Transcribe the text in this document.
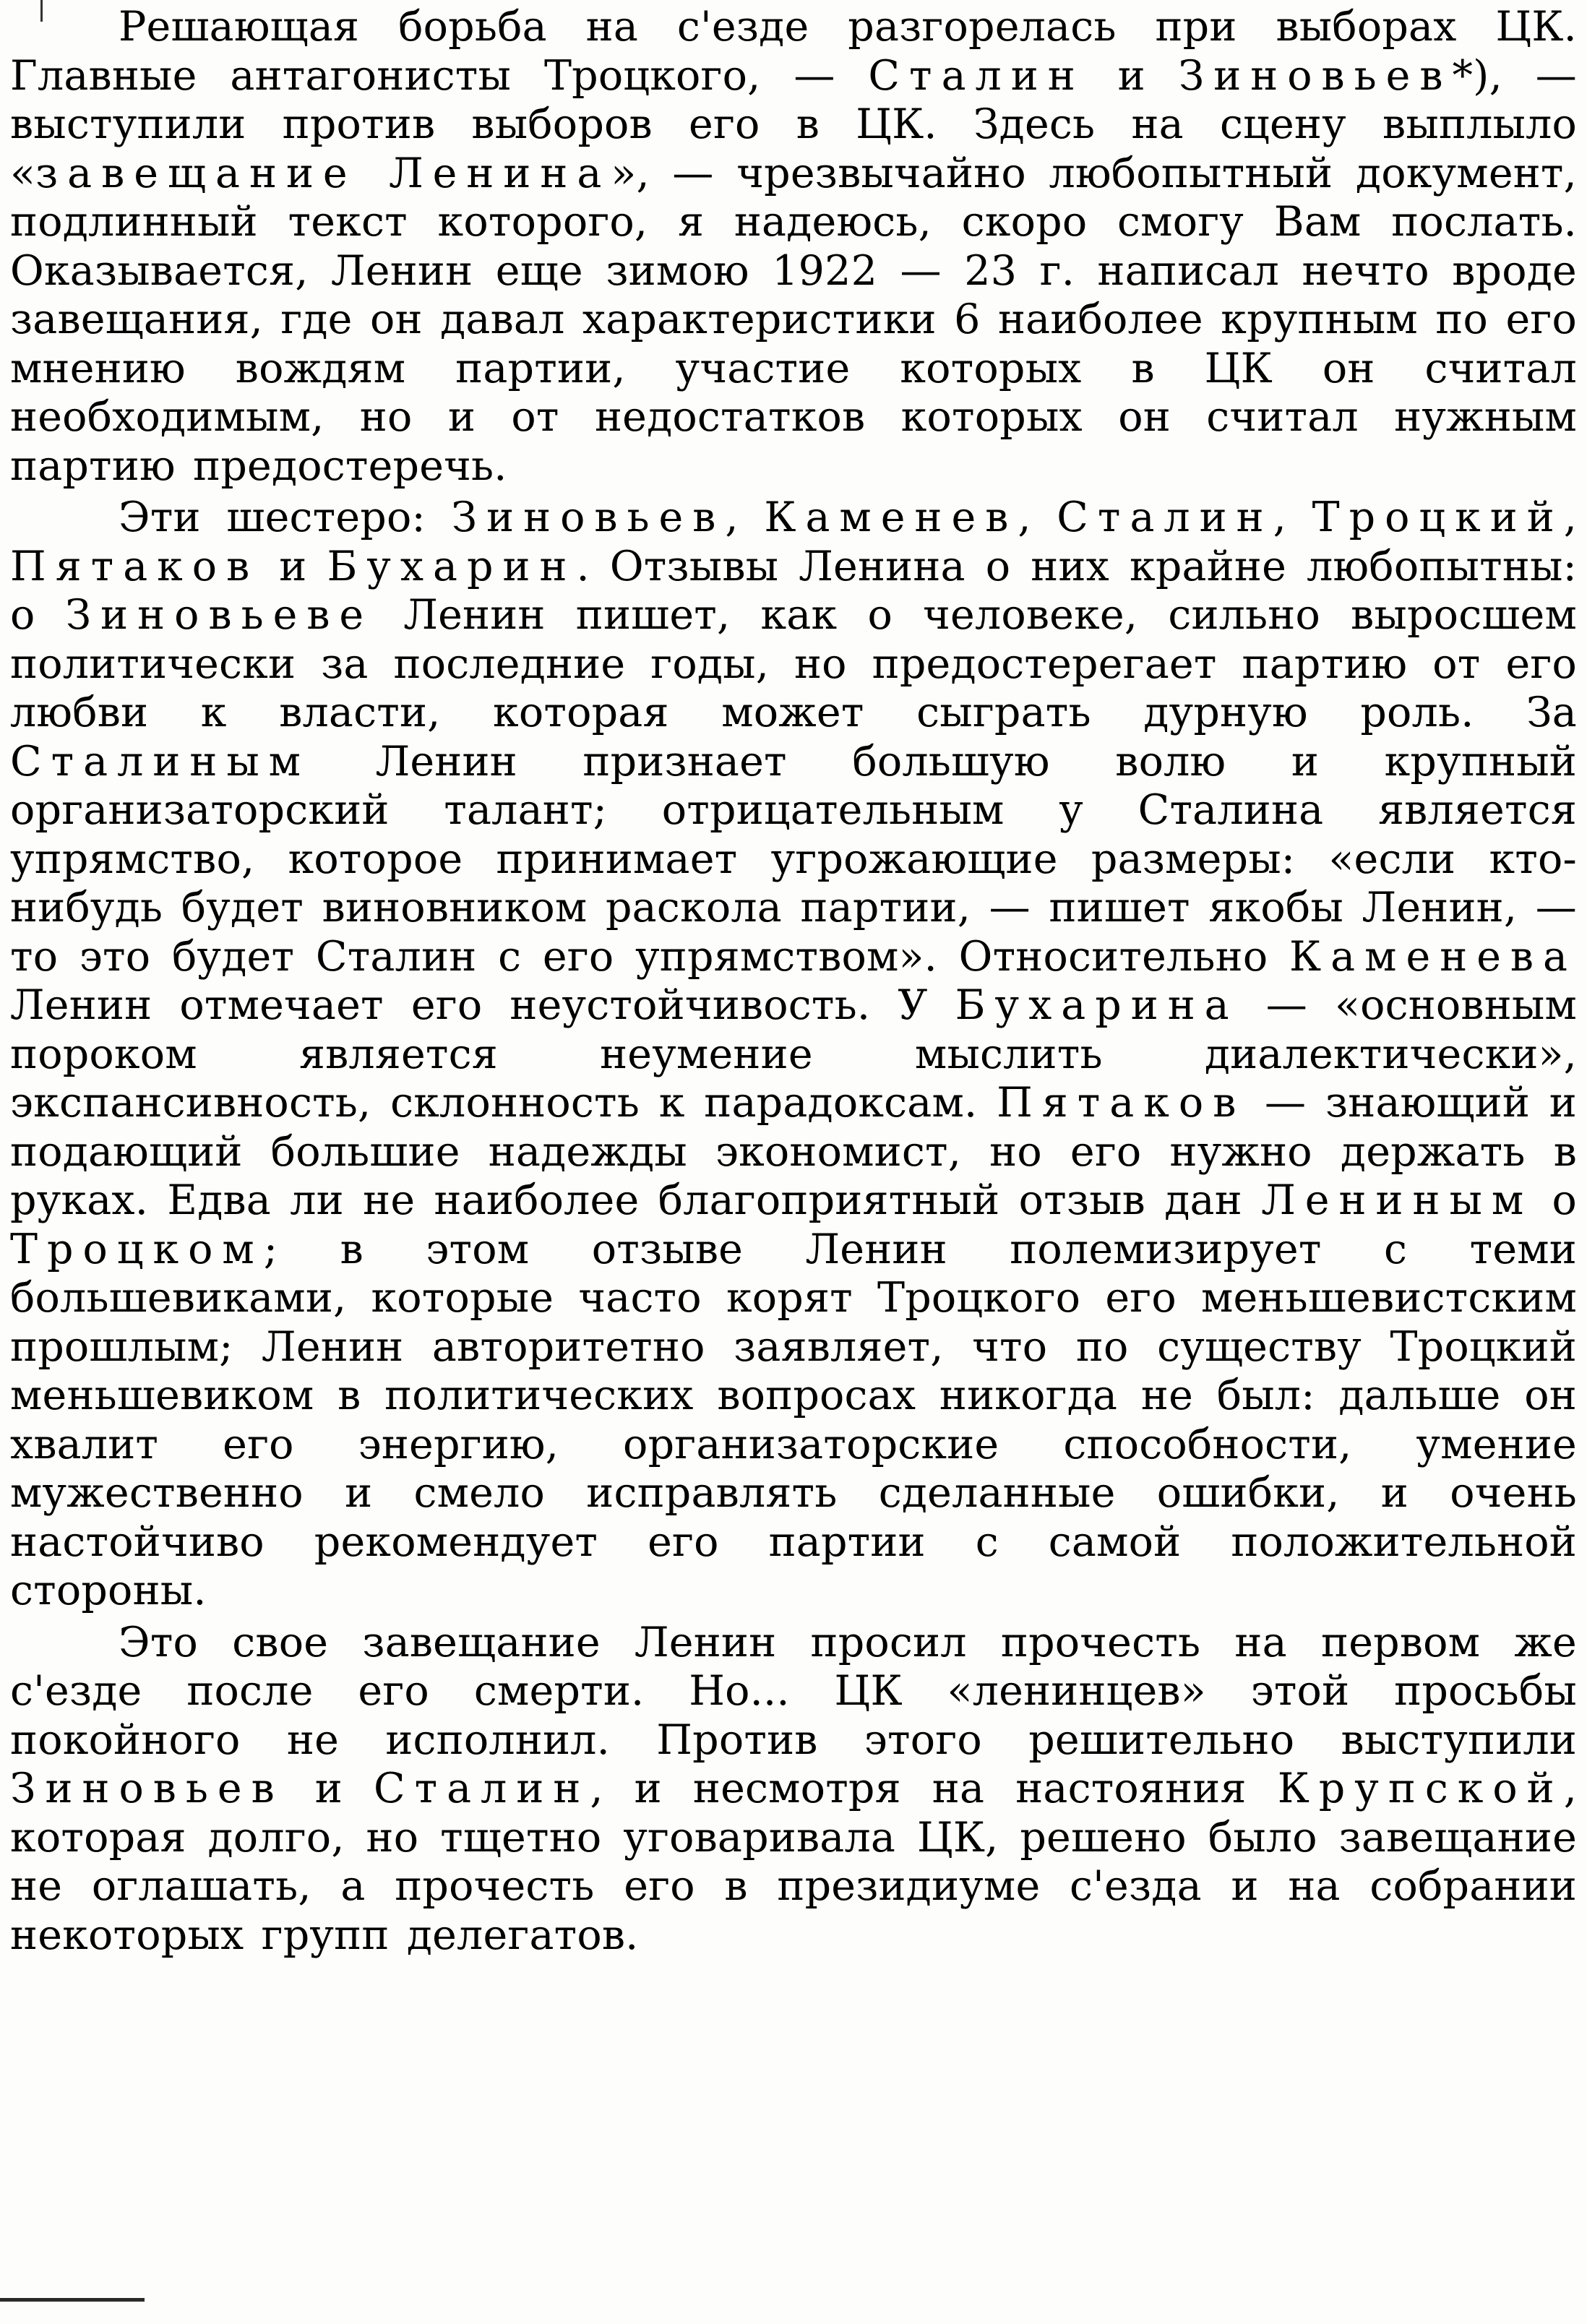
Решающая борьба на с'езде разгорелась при выборах ЦК. Главные антагонисты Троцкого, — Сталин и Зиновьев*), — выступили против выборов его в ЦК. Здесь на сцену выплыло «завещание Ленина», — чрезвычайно любопытный документ, подлинный текст которого, я надеюсь, скоро смогу Вам послать. Оказывается, Ленин еще зимою 1922 — 23 г. написал нечто вроде завещания, где он давал характеристики 6 наиболее крупным по его мнению вождям партии, участие которых в ЦК он считал необходимым, но и от недостатков которых он считал нужным партию предостеречь.

Эти шестеро: Зиновьев, Каменев, Сталин, Троцкий, Пятаков и Бухарин. Отзывы Ленина о них крайне любопытны: о Зиновьеве Ленин пишет, как о человеке, сильно выросшем политически за последние годы, но предостерегает партию от его любви к власти, которая может сыграть дурную роль. За Сталиным Ленин признает большую волю и крупный организаторский талант; отрицательным у Сталина является упрямство, которое принимает угрожающие размеры: «если кто-нибудь будет виновником раскола партии, — пишет якобы Ленин, — то это будет Сталин с его упрямством». Относительно Каменева Ленин отмечает его неустойчивость. У Бухарина — «основным пороком является неумение мыслить диалектически», экспансивность, склонность к парадоксам. Пятаков — знающий и подающий большие надежды экономист, но его нужно держать в руках. Едва ли не наиболее благоприятный отзыв дан Лениным о Троцком; в этом отзыве Ленин полемизирует с теми большевиками, которые часто корят Троцкого его меньшевистским прошлым; Ленин авторитетно заявляет, что по существу Троцкий меньшевиком в политических вопросах никогда не был: дальше он хвалит его энергию, организаторские способности, умение мужественно и смело исправлять сделанные ошибки, и очень настойчиво рекомендует его партии с самой положительной стороны.

Это свое завещание Ленин просил прочесть на первом же с'езде после его смерти. Но... ЦК «ленинцев» этой просьбы покойного не исполнил. Против этого решительно выступили Зиновьев и Сталин, и несмотря на настояния Крупской, которая долго, но тщетно уговаривала ЦК, решено было завещание не оглашать, а прочесть его в президиуме с'езда и на собрании некоторых групп делегатов.
